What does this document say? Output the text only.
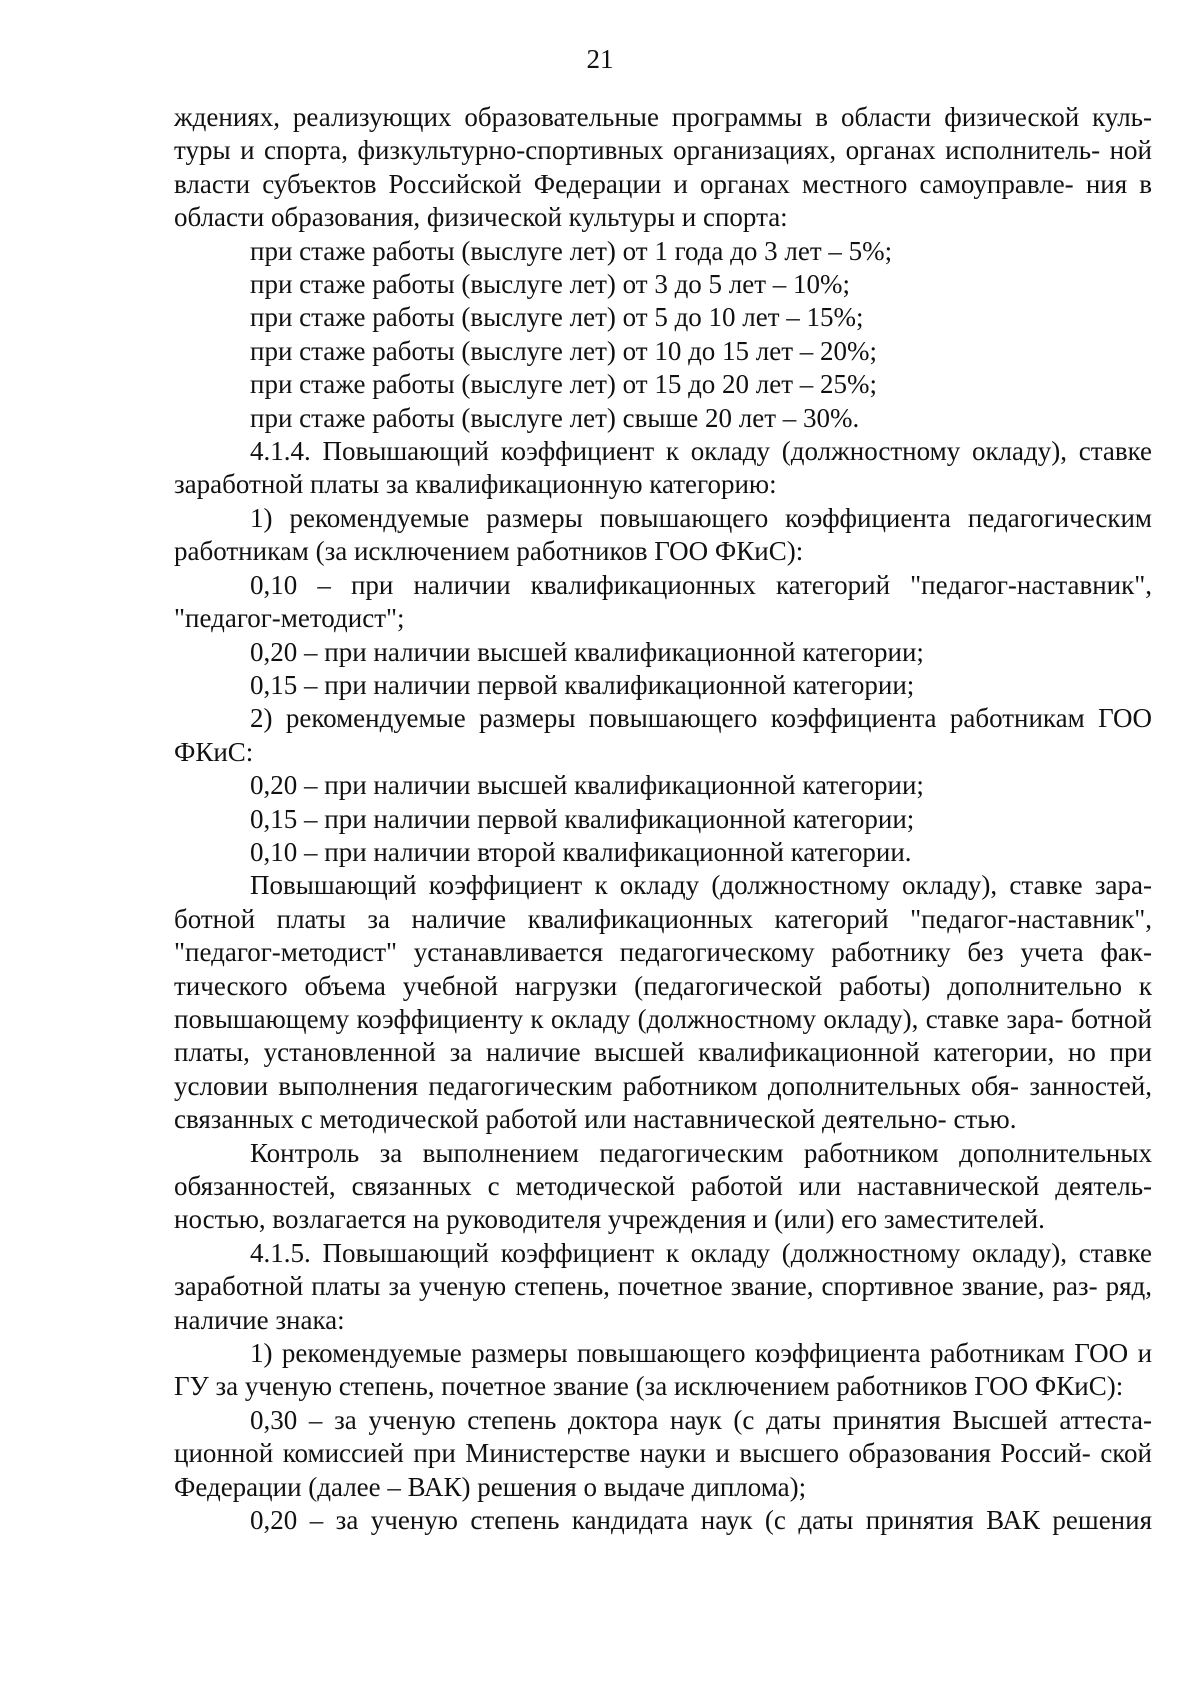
21

ждениях, реализующих образовательные программы в области физической куль- туры и спорта, физкультурно-спортивных организациях, органах исполнитель- ной власти субъектов Российской Федерации и органах местного самоуправле- ния в области образования, физической культуры и спорта:

при стаже работы (выслуге лет) от 1 года до 3 лет – 5%;

при стаже работы (выслуге лет) от 3 до 5 лет – 10%;

при стаже работы (выслуге лет) от 5 до 10 лет – 15%;

при стаже работы (выслуге лет) от 10 до 15 лет – 20%;

при стаже работы (выслуге лет) от 15 до 20 лет – 25%;

при стаже работы (выслуге лет) свыше 20 лет – 30%.

4.1.4. Повышающий коэффициент к окладу (должностному окладу), ставке заработной платы за квалификационную категорию:

1) рекомендуемые размеры повышающего коэффициента педагогическим работникам (за исключением работников ГОО ФКиС):

0,10 – при наличии квалификационных категорий "педагог-наставник", "педагог-методист";

0,20 – при наличии высшей квалификационной категории;

0,15 – при наличии первой квалификационной категории;

2) рекомендуемые размеры повышающего коэффициента работникам ГОО ФКиС:

0,20 – при наличии высшей квалификационной категории;

0,15 – при наличии первой квалификационной категории;

0,10 – при наличии второй квалификационной категории.

Повышающий коэффициент к окладу (должностному окладу), ставке зара- ботной платы за наличие квалификационных категорий "педагог-наставник", "педагог-методист" устанавливается педагогическому работнику без учета фак- тического объема учебной нагрузки (педагогической работы) дополнительно к повышающему коэффициенту к окладу (должностному окладу), ставке зара- ботной платы, установленной за наличие высшей квалификационной категории, но при условии выполнения педагогическим работником дополнительных обя- занностей, связанных с методической работой или наставнической деятельно- стью.

Контроль за выполнением педагогическим работником дополнительных обязанностей, связанных с методической работой или наставнической деятель- ностью, возлагается на руководителя учреждения и (или) его заместителей.

4.1.5. Повышающий коэффициент к окладу (должностному окладу), ставке заработной платы за ученую степень, почетное звание, спортивное звание, раз- ряд, наличие знака:

1) рекомендуемые размеры повышающего коэффициента работникам ГОО и ГУ за ученую степень, почетное звание (за исключением работников ГОО ФКиС):

0,30 – за ученую степень доктора наук (с даты принятия Высшей аттеста- ционной комиссией при Министерстве науки и высшего образования Россий- ской Федерации (далее – ВАК) решения о выдаче диплома);

0,20 – за ученую степень кандидата наук (с даты принятия ВАК решения
